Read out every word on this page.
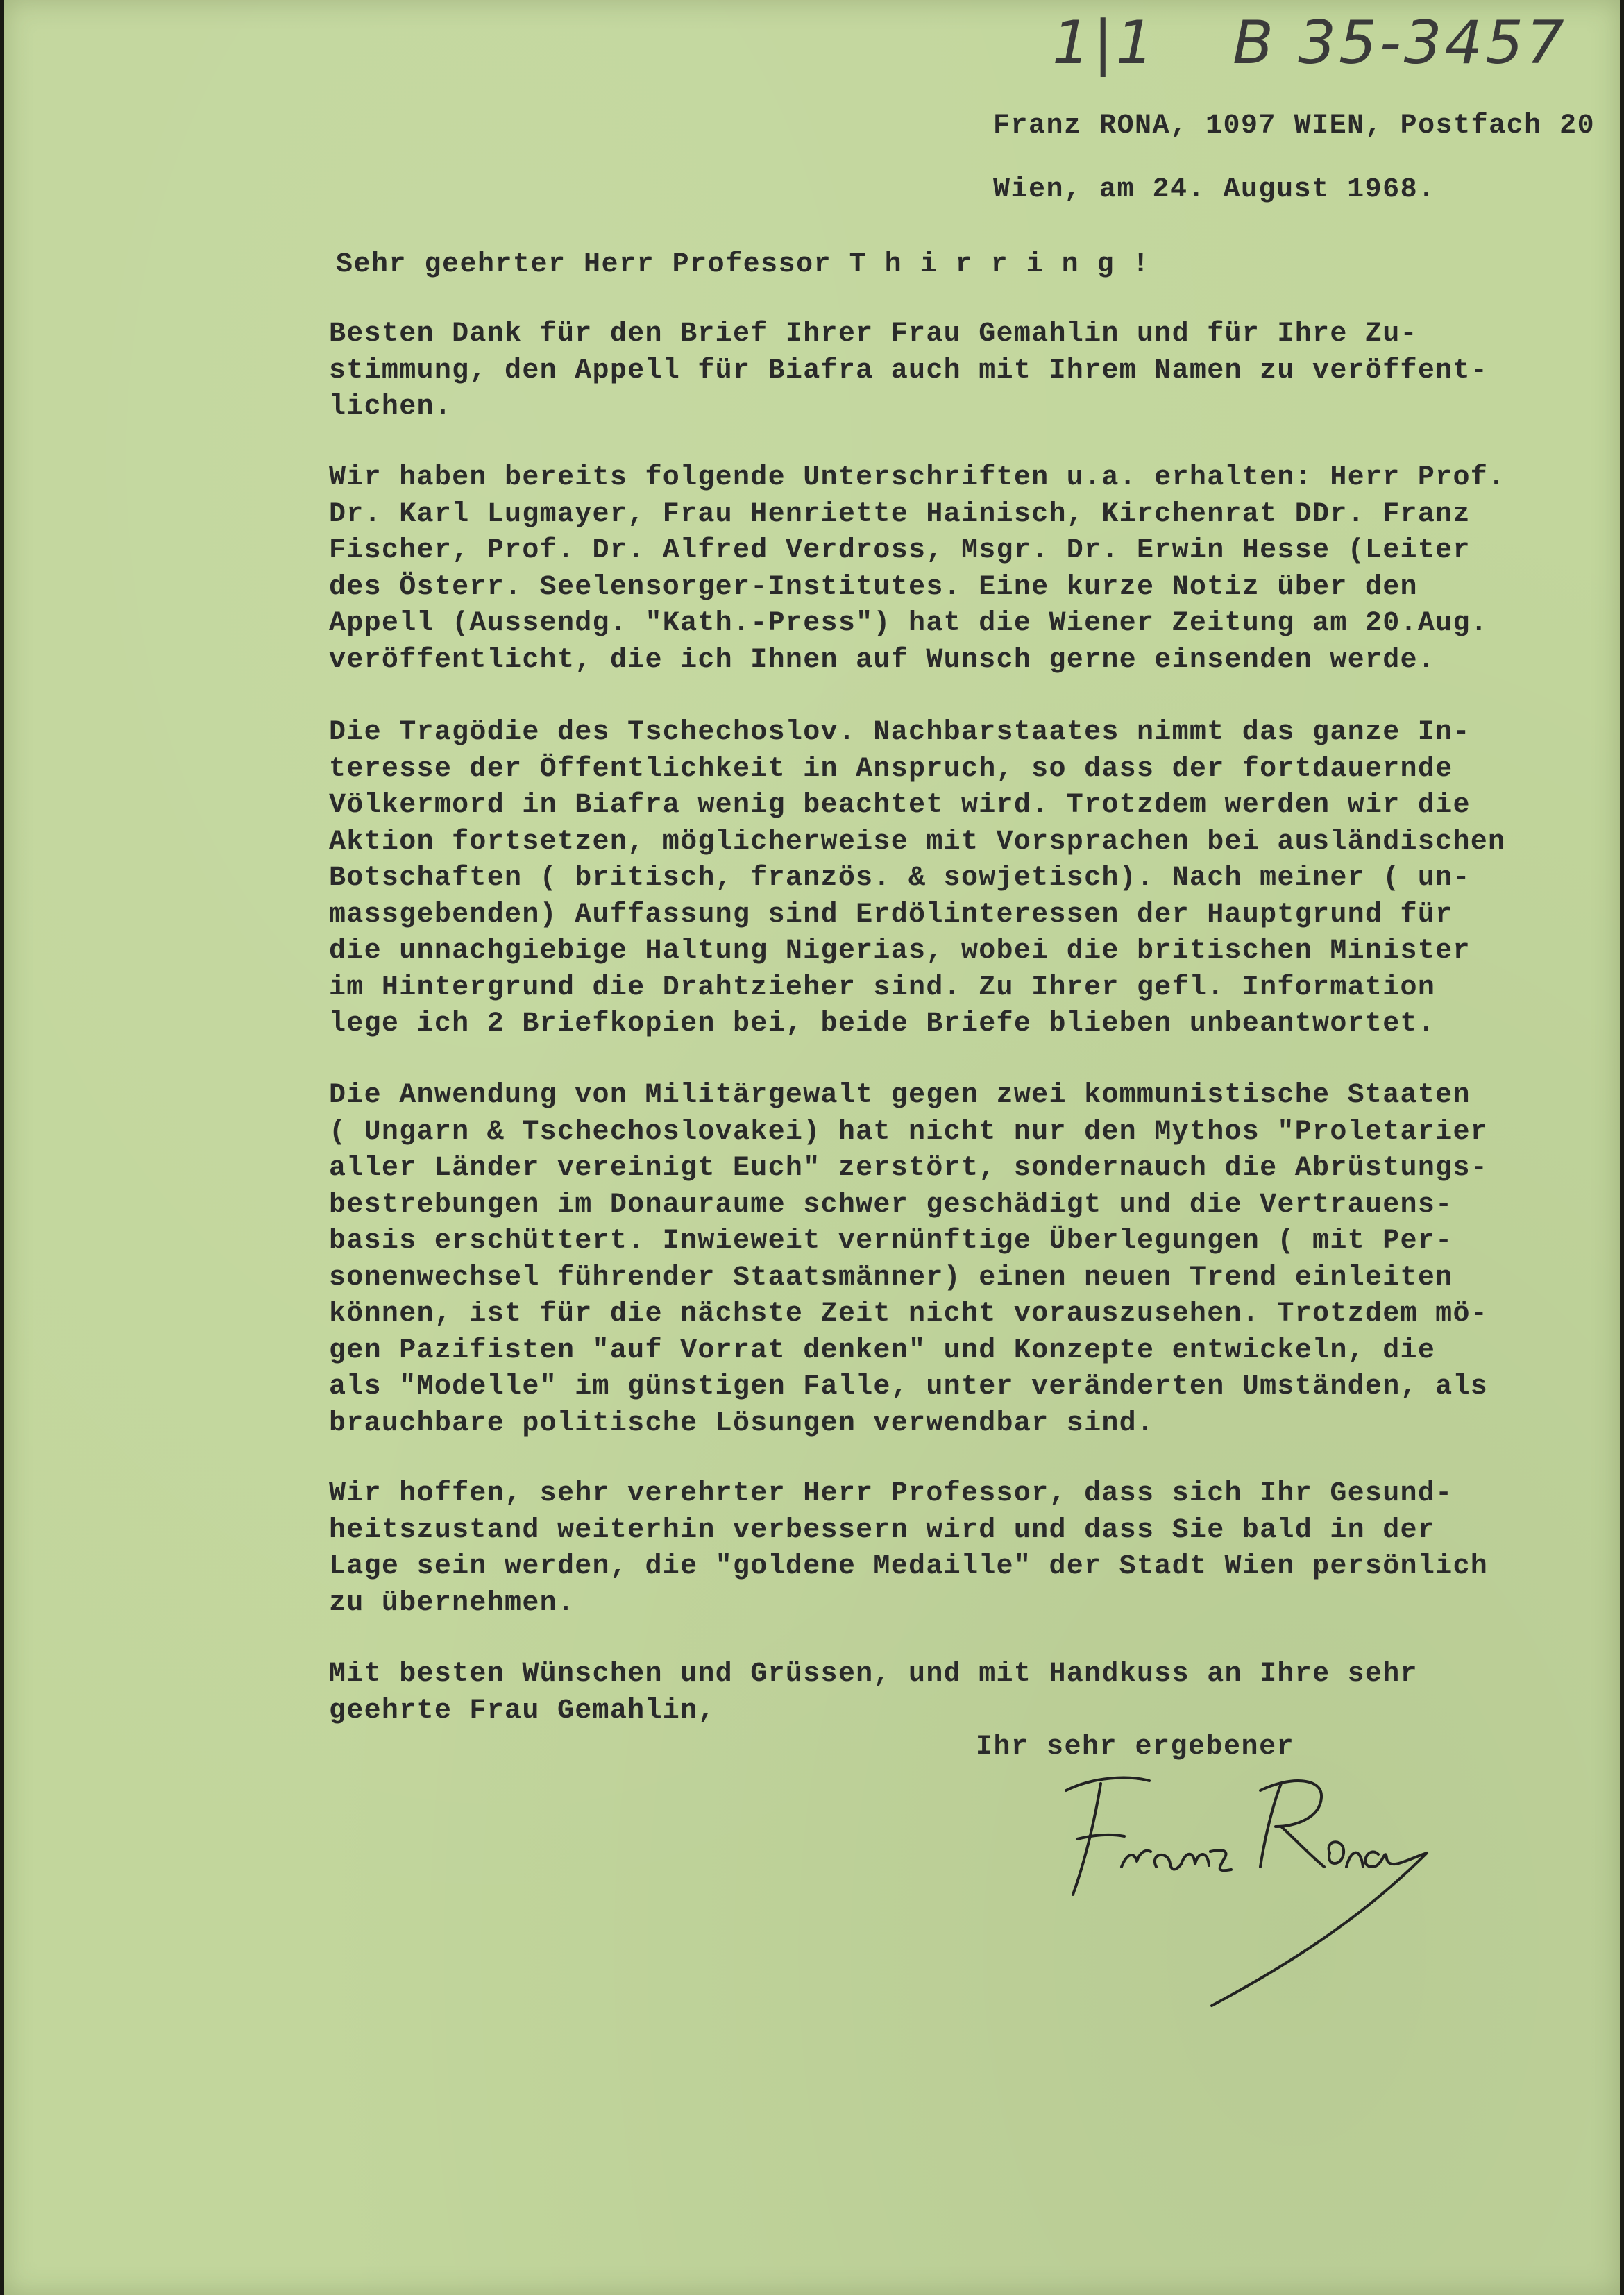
1|1 B 35-3457
Franz RONA, 1097 WIEN, Postfach 20
Wien, am 24. August 1968.
Sehr geehrter Herr Professor T h i r r i n g !
Besten Dank für den Brief Ihrer Frau Gemahlin und für Ihre Zu-
stimmung, den Appell für Biafra auch mit Ihrem Namen zu veröffent-
lichen.
Wir haben bereits folgende Unterschriften u.a. erhalten: Herr Prof.
Dr. Karl Lugmayer, Frau Henriette Hainisch, Kirchenrat DDr. Franz
Fischer, Prof. Dr. Alfred Verdross, Msgr. Dr. Erwin Hesse (Leiter
des Österr. Seelensorger-Institutes. Eine kurze Notiz über den
Appell (Aussendg. "Kath.-Press") hat die Wiener Zeitung am 20.Aug.
veröffentlicht, die ich Ihnen auf Wunsch gerne einsenden werde.
Die Tragödie des Tschechoslov. Nachbarstaates nimmt das ganze In-
teresse der Öffentlichkeit in Anspruch, so dass der fortdauernde
Völkermord in Biafra wenig beachtet wird. Trotzdem werden wir die
Aktion fortsetzen, möglicherweise mit Vorsprachen bei ausländischen
Botschaften ( britisch, französ. & sowjetisch). Nach meiner ( un-
massgebenden) Auffassung sind Erdölinteressen der Hauptgrund für
die unnachgiebige Haltung Nigerias, wobei die britischen Minister
im Hintergrund die Drahtzieher sind. Zu Ihrer gefl. Information
lege ich 2 Briefkopien bei, beide Briefe blieben unbeantwortet.
Die Anwendung von Militärgewalt gegen zwei kommunistische Staaten
( Ungarn & Tschechoslovakei) hat nicht nur den Mythos "Proletarier
aller Länder vereinigt Euch" zerstört, sondernauch die Abrüstungs-
bestrebungen im Donauraume schwer geschädigt und die Vertrauens-
basis erschüttert. Inwieweit vernünftige Überlegungen ( mit Per-
sonenwechsel führender Staatsmänner) einen neuen Trend einleiten
können, ist für die nächste Zeit nicht vorauszusehen. Trotzdem mö-
gen Pazifisten "auf Vorrat denken" und Konzepte entwickeln, die
als "Modelle" im günstigen Falle, unter veränderten Umständen, als
brauchbare politische Lösungen verwendbar sind.
Wir hoffen, sehr verehrter Herr Professor, dass sich Ihr Gesund-
heitszustand weiterhin verbessern wird und dass Sie bald in der
Lage sein werden, die "goldene Medaille" der Stadt Wien persönlich
zu übernehmen.
Mit besten Wünschen und Grüssen, und mit Handkuss an Ihre sehr
geehrte Frau Gemahlin,
Ihr sehr ergebener
